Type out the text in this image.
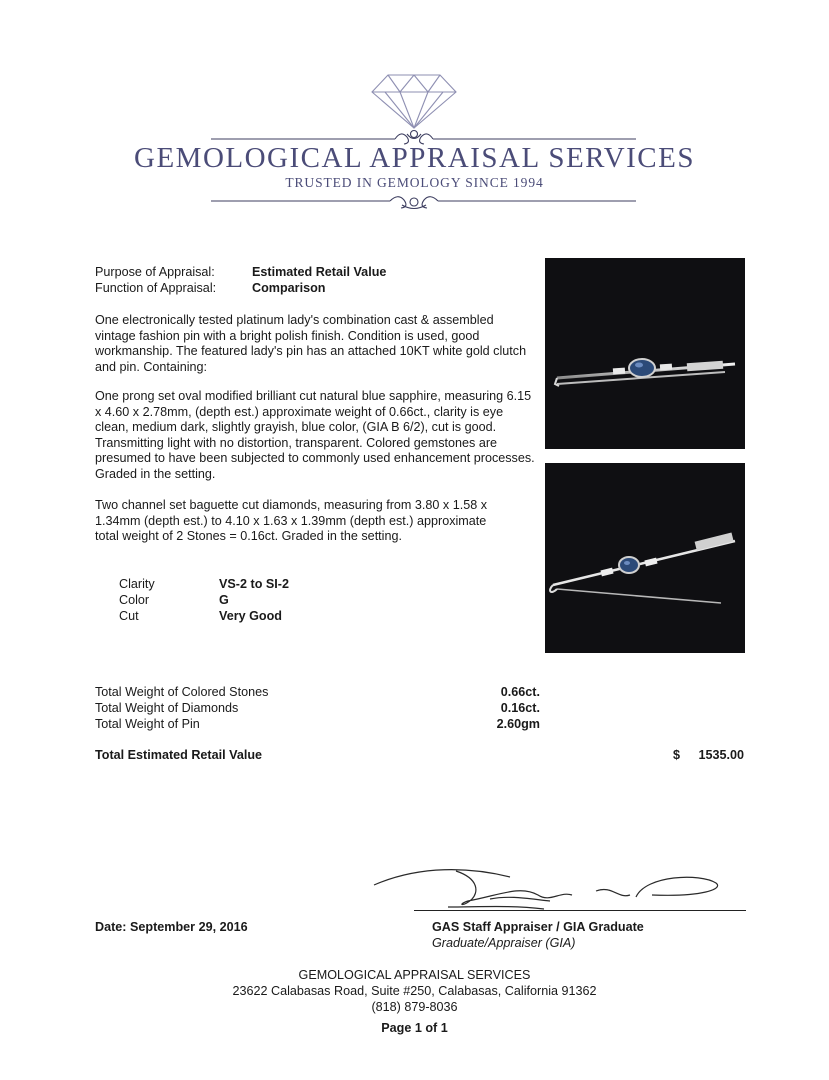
GEMOLOGICAL APPRAISAL SERVICES
TRUSTED IN GEMOLOGY SINCE 1994
Purpose of Appraisal:	Estimated Retail Value
Function of Appraisal:	Comparison
One electronically tested platinum lady's combination cast & assembled vintage fashion pin with a bright polish finish. Condition is used, good workmanship. The featured lady's pin has an attached 10KT white gold clutch and pin. Containing:
One prong set oval modified brilliant cut natural blue sapphire, measuring 6.15 x 4.60 x 2.78mm, (depth est.) approximate weight of 0.66ct., clarity is eye clean, medium dark, slightly grayish, blue color, (GIA B 6/2), cut is good. Transmitting light with no distortion, transparent. Colored gemstones are presumed to have been subjected to commonly used enhancement processes. Graded in the setting.
Two channel set baguette cut diamonds, measuring from 3.80 x 1.58 x 1.34mm (depth est.) to 4.10 x 1.63 x 1.39mm (depth est.) approximate total weight of 2 Stones = 0.16ct. Graded in the setting.
Clarity	VS-2 to SI-2
Color	G
Cut	Very Good
Total Weight of Colored Stones	0.66ct.
Total Weight of Diamonds	0.16ct.
Total Weight of Pin	2.60gm
Total Estimated Retail Value	$	1535.00
Date: September 29, 2016	GAS Staff Appraiser / GIA Graduate
Graduate/Appraiser (GIA)
GEMOLOGICAL APPRAISAL SERVICES
23622 Calabasas Road, Suite #250, Calabasas, California 91362
(818) 879-8036
Page 1 of 1
